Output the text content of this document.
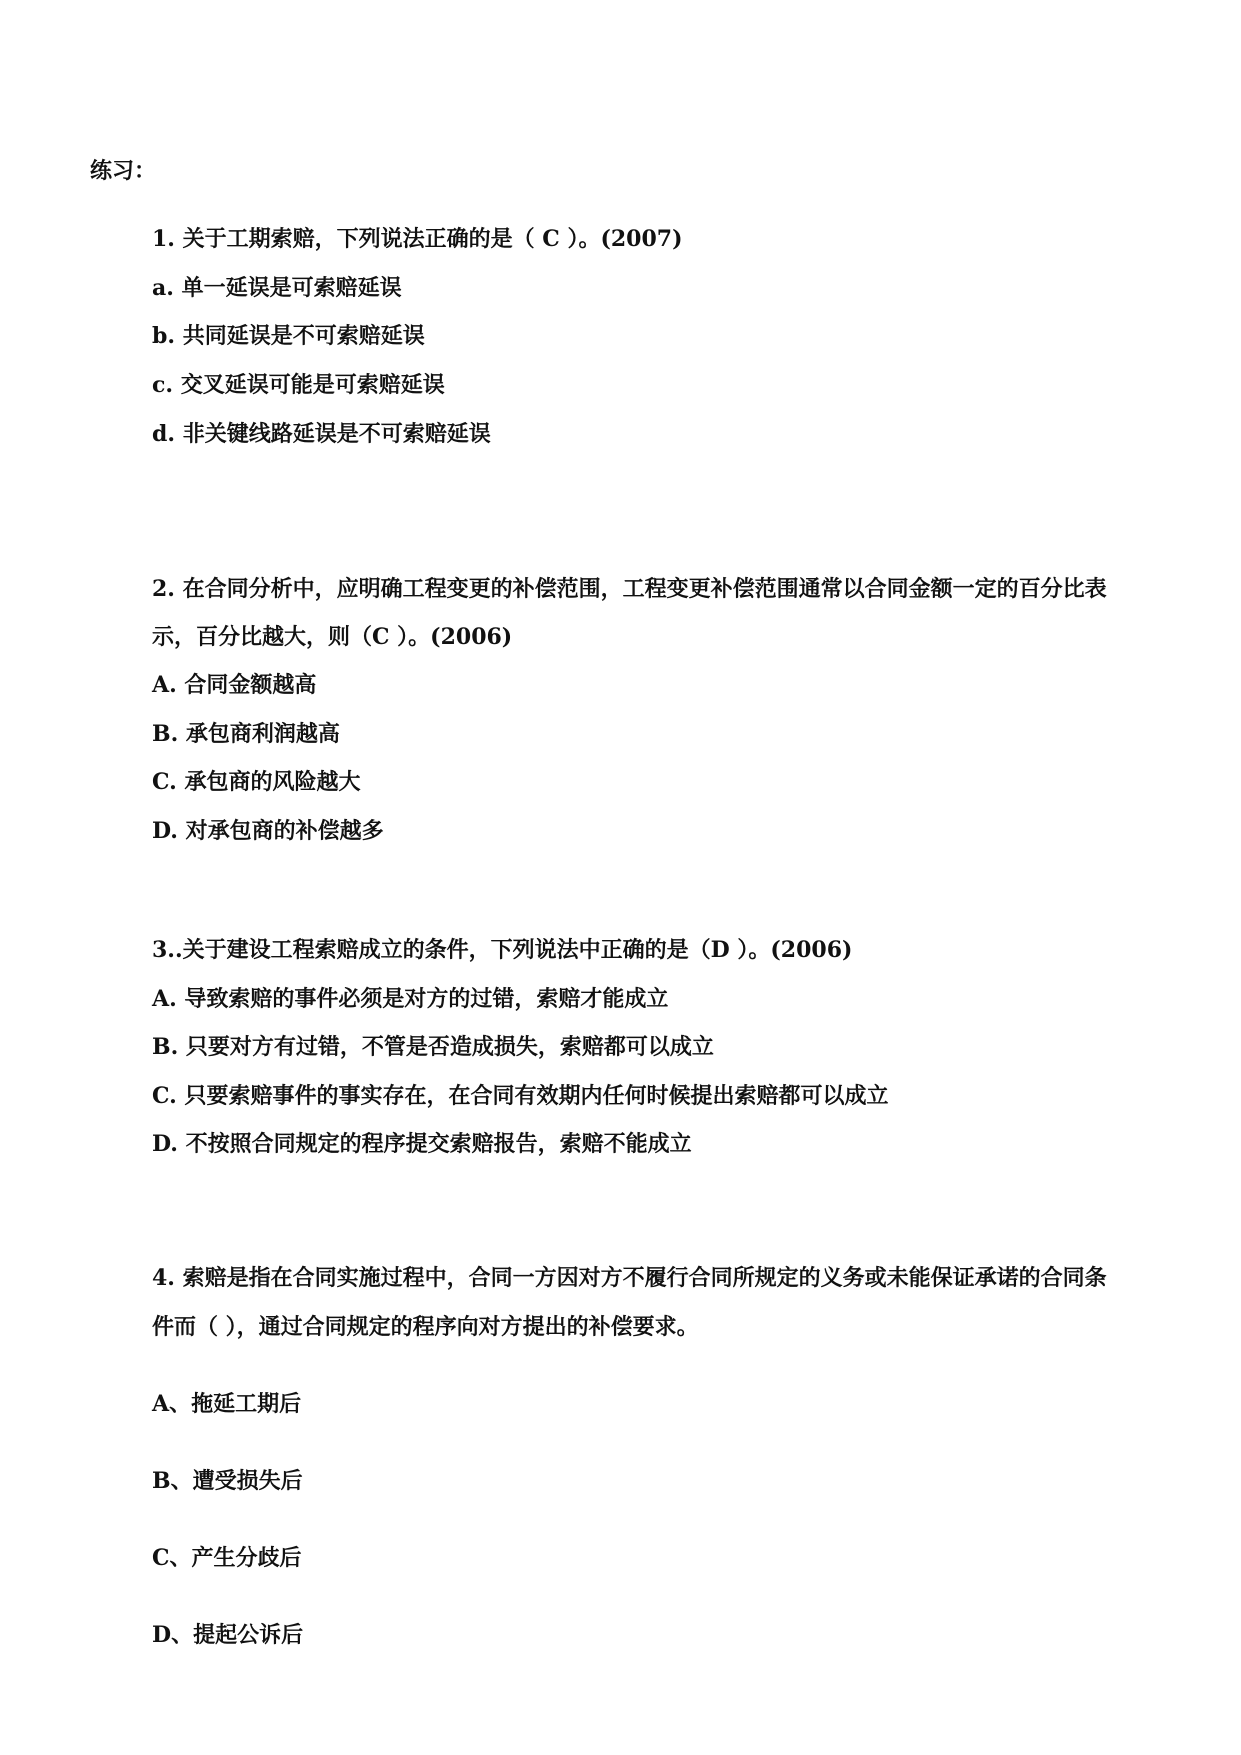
练习：
1. 关于工期索赔，下列说法正确的是（ C ）。(2007)
a. 单一延误是可索赔延误
b. 共同延误是不可索赔延误
c. 交叉延误可能是可索赔延误
d. 非关键线路延误是不可索赔延误
2. 在合同分析中，应明确工程变更的补偿范围，工程变更补偿范围通常以合同金额一定的百分比表
示，百分比越大，则（C ）。(2006)
A. 合同金额越高
B. 承包商利润越高
C. 承包商的风险越大
D. 对承包商的补偿越多
3..关于建设工程索赔成立的条件，下列说法中正确的是（D ）。(2006)
A. 导致索赔的事件必须是对方的过错，索赔才能成立
B. 只要对方有过错，不管是否造成损失，索赔都可以成立
C. 只要索赔事件的事实存在，在合同有效期内任何时候提出索赔都可以成立
D. 不按照合同规定的程序提交索赔报告，索赔不能成立
4. 索赔是指在合同实施过程中，合同一方因对方不履行合同所规定的义务或未能保证承诺的合同条
件而（ ），通过合同规定的程序向对方提出的补偿要求。
A、拖延工期后
B、遭受损失后
C、产生分歧后
D、提起公诉后
